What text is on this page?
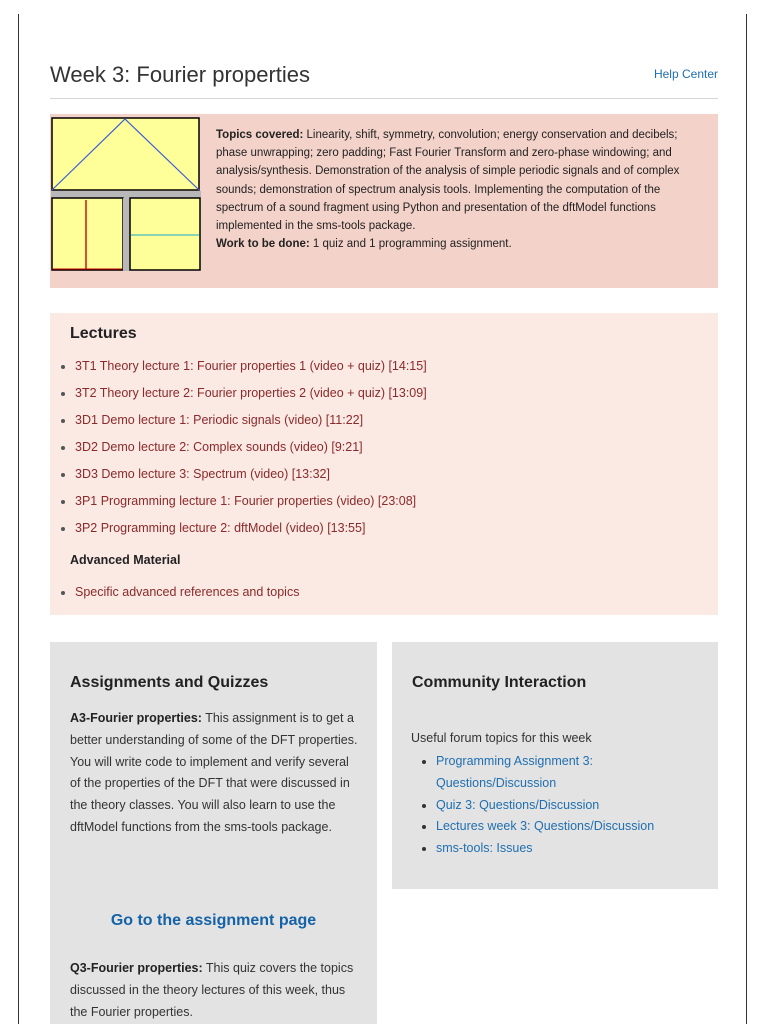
Week 3: Fourier properties	Help Center
Topics covered: Linearity, shift, symmetry, convolution; energy conservation and decibels; phase unwrapping; zero padding; Fast Fourier Transform and zero-phase windowing; and analysis/synthesis. Demonstration of the analysis of simple periodic signals and of complex sounds; demonstration of spectrum analysis tools. Implementing the computation of the spectrum of a sound fragment using Python and presentation of the dftModel functions implemented in the sms-tools package.
Work to be done: 1 quiz and 1 programming assignment.
Lectures
3T1 Theory lecture 1: Fourier properties 1 (video + quiz) [14:15]
3T2 Theory lecture 2: Fourier properties 2 (video + quiz) [13:09]
3D1 Demo lecture 1: Periodic signals (video) [11:22]
3D2 Demo lecture 2: Complex sounds (video) [9:21]
3D3 Demo lecture 3: Spectrum (video) [13:32]
3P1 Programming lecture 1: Fourier properties (video) [23:08]
3P2 Programming lecture 2: dftModel (video) [13:55]
Advanced Material
Specific advanced references and topics
Assignments and Quizzes
A3-Fourier properties: This assignment is to get a better understanding of some of the DFT properties. You will write code to implement and verify several of the properties of the DFT that were discussed in the theory classes. You will also learn to use the dftModel functions from the sms-tools package.
Go to the assignment page
Q3-Fourier properties: This quiz covers the topics discussed in the theory lectures of this week, thus the Fourier properties.
Community Interaction
Useful forum topics for this week
Programming Assignment 3: Questions/Discussion
Quiz 3: Questions/Discussion
Lectures week 3: Questions/Discussion
sms-tools: Issues
